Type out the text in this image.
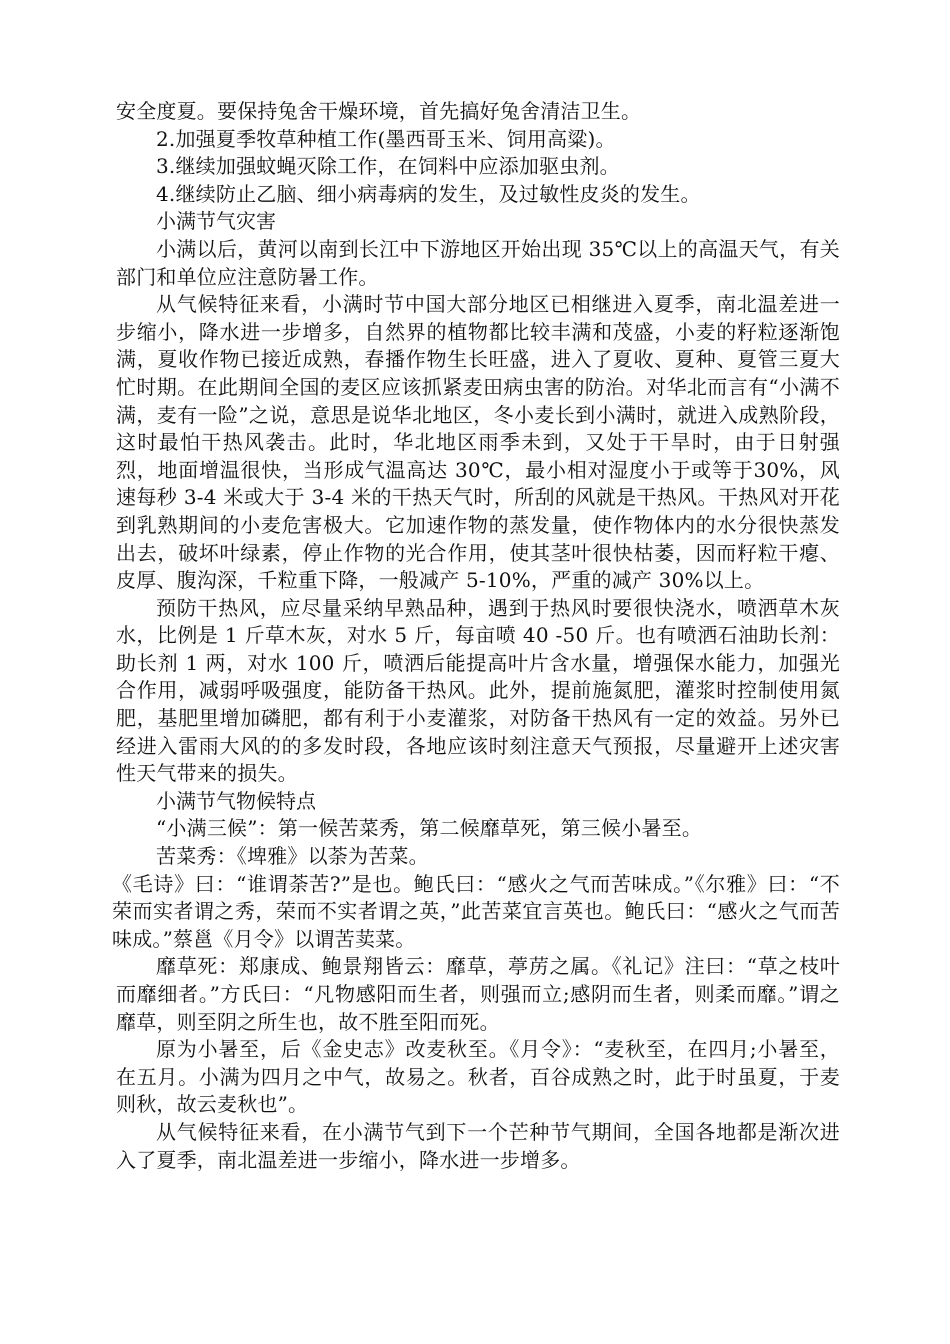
安全度夏。要保持兔舍干燥环境，首先搞好兔舍清洁卫生。

2.加强夏季牧草种植工作(墨西哥玉米、饲用高粱)。

3.继续加强蚊蝇灭除工作，在饲料中应添加驱虫剂。

4.继续防止乙脑、细小病毒病的发生，及过敏性皮炎的发生。

小满节气灾害

小满以后，黄河以南到长江中下游地区开始出现 35℃以上的高温天气，有关部门和单位应注意防暑工作。

从气候特征来看，小满时节中国大部分地区已相继进入夏季，南北温差进一步缩小，降水进一步增多，自然界的植物都比较丰满和茂盛，小麦的籽粒逐渐饱满，夏收作物已接近成熟，春播作物生长旺盛，进入了夏收、夏种、夏管三夏大忙时期。在此期间全国的麦区应该抓紧麦田病虫害的防治。对华北而言有“小满不满，麦有一险”之说，意思是说华北地区，冬小麦长到小满时，就进入成熟阶段，这时最怕干热风袭击。此时，华北地区雨季未到，又处于干旱时，由于日射强烈，地面增温很快，当形成气温高达 30℃，最小相对湿度小于或等于30%，风速每秒 3-4 米或大于 3-4 米的干热天气时，所刮的风就是干热风。干热风对开花到乳熟期间的小麦危害极大。它加速作物的蒸发量，使作物体内的水分很快蒸发出去，破坏叶绿素，停止作物的光合作用，使其茎叶很快枯萎，因而籽粒干瘪、皮厚、腹沟深，千粒重下降，一般减产 5-10%，严重的减产 30%以上。

预防干热风，应尽量采纳早熟品种，遇到于热风时要很快浇水，喷洒草木灰水，比例是 1 斤草木灰，对水 5 斤，每亩喷 40 -50 斤。也有喷洒石油助长剂：助长剂 1 两，对水 100 斤，喷洒后能提高叶片含水量，增强保水能力，加强光合作用，减弱呼吸强度，能防备干热风。此外，提前施氮肥，灌浆时控制使用氮肥，基肥里增加磷肥，都有利于小麦灌浆，对防备干热风有一定的效益。另外已经进入雷雨大风的的多发时段，各地应该时刻注意天气预报，尽量避开上述灾害性天气带来的损失。

小满节气物候特点

“小满三候”：第一候苦菜秀，第二候靡草死，第三候小暑至。

苦菜秀：《埤雅》以荼为苦菜。

《毛诗》曰：“谁谓荼苦?”是也。鲍氏曰：“感火之气而苦味成。”《尔雅》曰：“不荣而实者谓之秀，荣而不实者谓之英，”此苦菜宜言英也。鲍氏曰：“感火之气而苦味成。”蔡邕《月令》以谓苦荬菜。

靡草死：郑康成、鲍景翔皆云：靡草，葶苈之属。《礼记》注曰：“草之枝叶而靡细者。”方氏曰：“凡物感阳而生者，则强而立;感阴而生者，则柔而靡。”谓之靡草，则至阴之所生也，故不胜至阳而死。

原为小暑至，后《金史志》改麦秋至。《月令》：“麦秋至，在四月;小暑至，在五月。小满为四月之中气，故易之。秋者，百谷成熟之时，此于时虽夏，于麦则秋，故云麦秋也”。

从气候特征来看，在小满节气到下一个芒种节气期间，全国各地都是渐次进入了夏季，南北温差进一步缩小，降水进一步增多。
